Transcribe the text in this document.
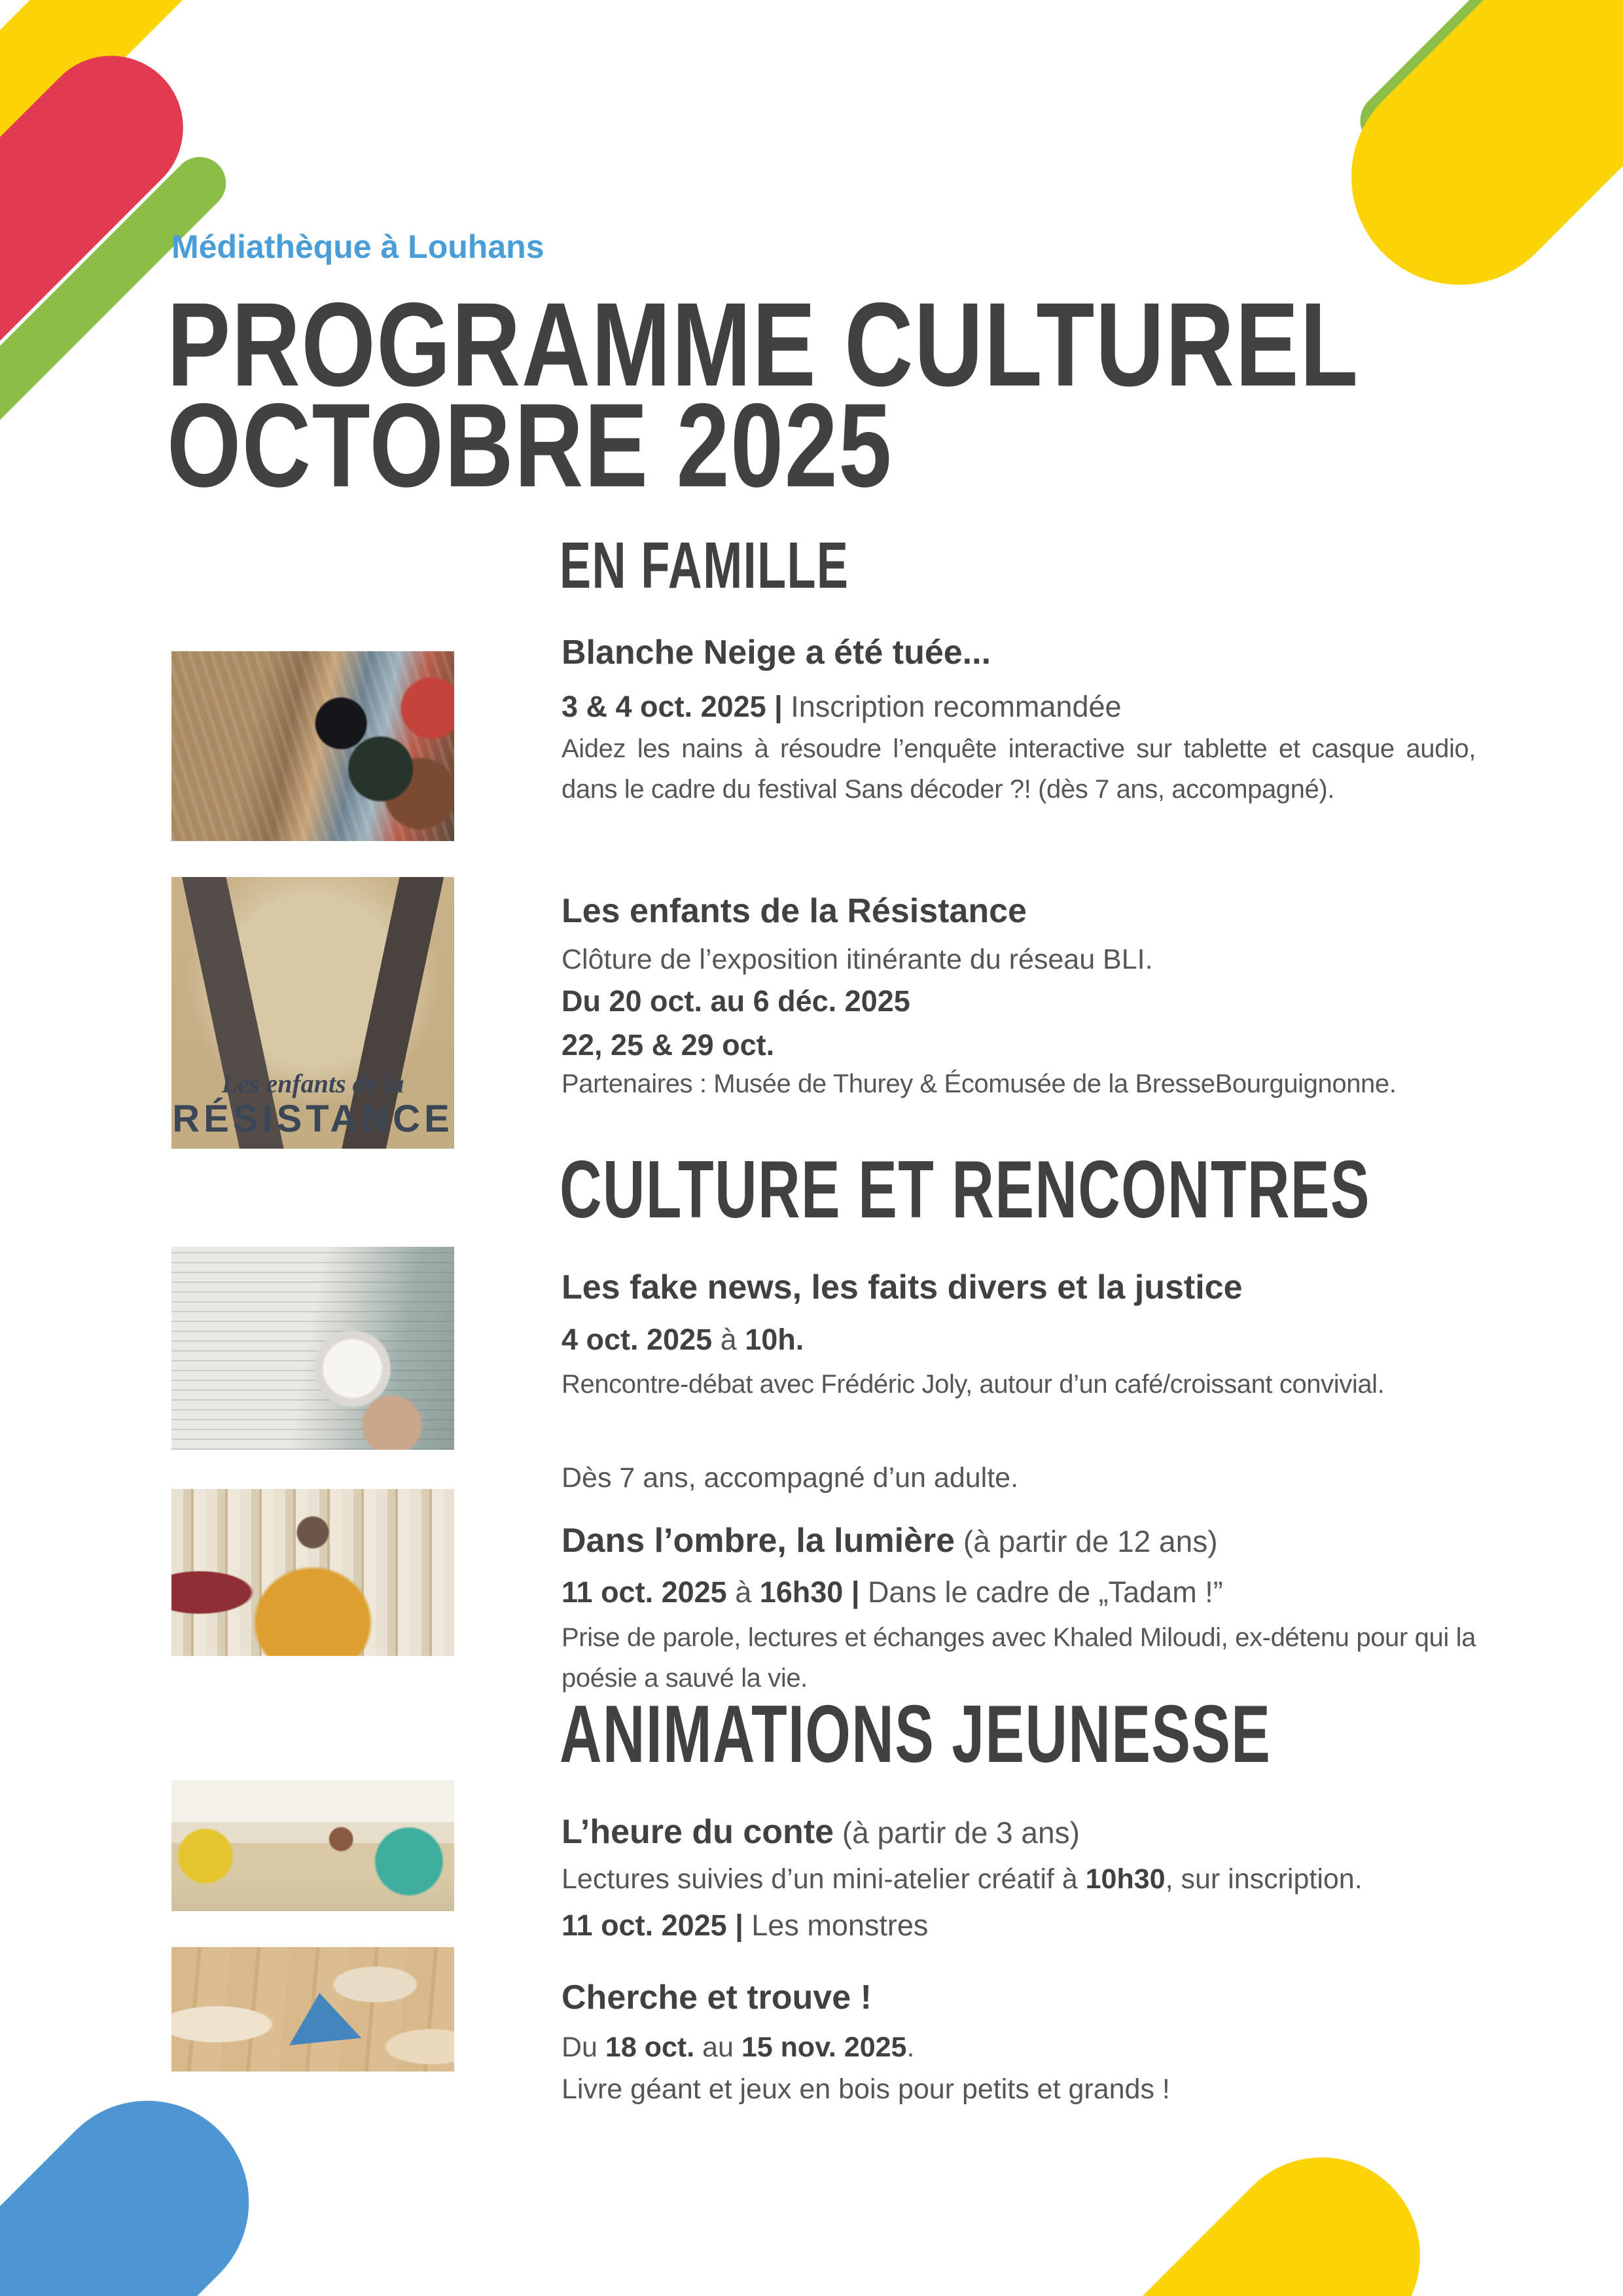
Médiathèque à Louhans
PROGRAMME CULTUREL
OCTOBRE 2025
Les enfants de la
RÉSISTANCE
EN FAMILLE
Blanche Neige a été tuée...
3 & 4 oct. 2025 | Inscription recommandée
Aidez les nains à résoudre l’enquête interactive sur tablette et casque audio, dans le cadre du festival Sans décoder ?! (dès 7 ans, accompagné).
Les enfants de la Résistance
Clôture de l’exposition itinérante du réseau BLI.
Du 20 oct. au 6 déc. 2025
22, 25 & 29 oct.
Partenaires : Musée de Thurey & Écomusée de la BresseBourguignonne.
CULTURE ET RENCONTRES
Les fake news, les faits divers et la justice
4 oct. 2025 à 10h.
Rencontre-débat avec Frédéric Joly, autour d’un café/croissant convivial.
Dès 7 ans, accompagné d’un adulte.
Dans l’ombre, la lumière (à partir de 12 ans)
11 oct. 2025 à 16h30 | Dans le cadre de „Tadam !”
Prise de parole, lectures et échanges avec Khaled Miloudi, ex-détenu pour qui la poésie a sauvé la vie.
ANIMATIONS JEUNESSE
L’heure du conte (à partir de 3 ans)
Lectures suivies d’un mini-atelier créatif à 10h30, sur inscription.
11 oct. 2025 | Les monstres
Cherche et trouve !
Du 18 oct. au 15 nov. 2025.
Livre géant et jeux en bois pour petits et grands !
